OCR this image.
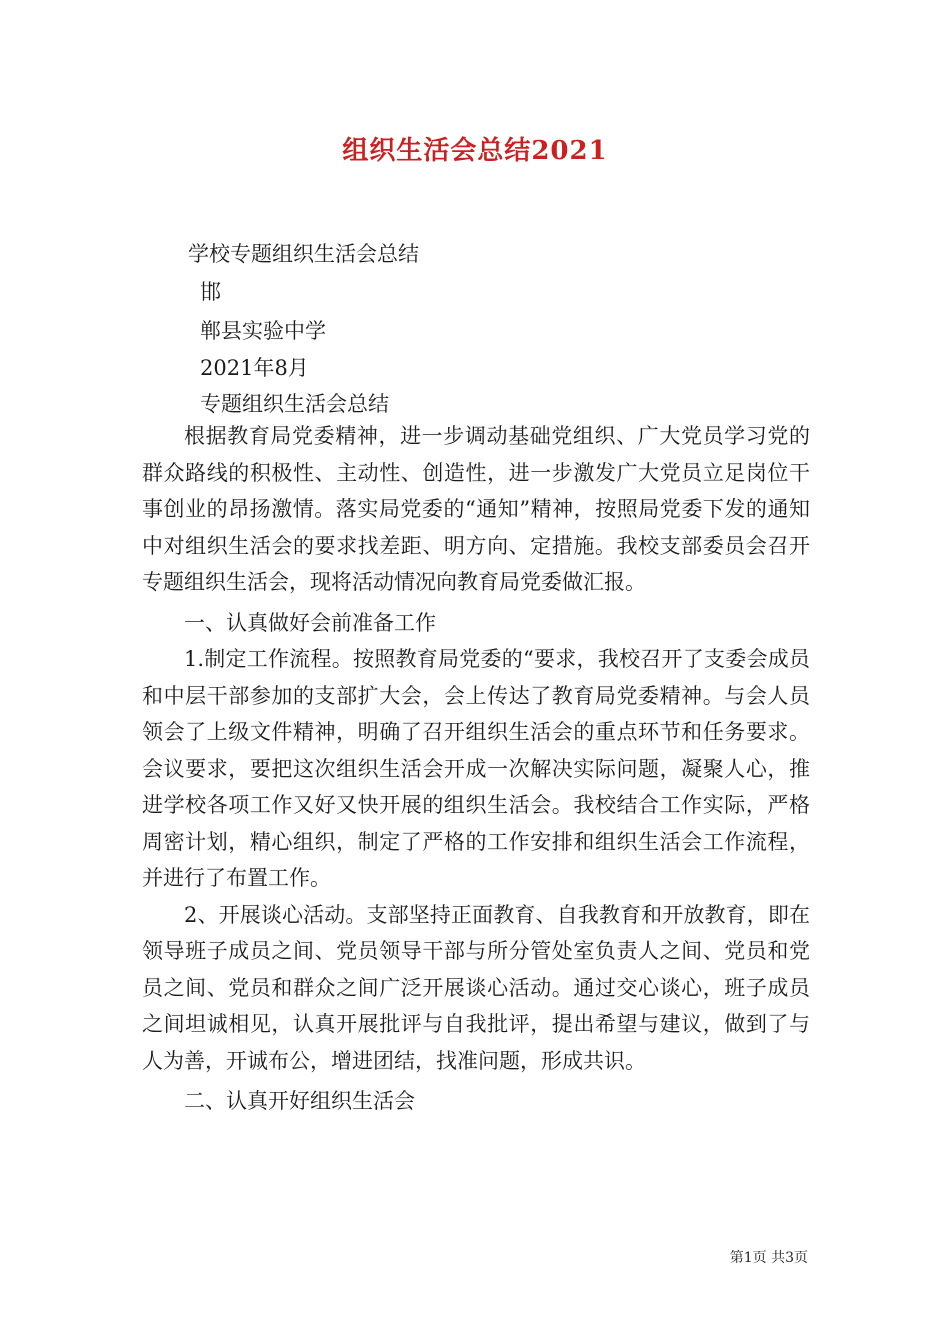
组织生活会总结2021
学校专题组织生活会总结
邯
郸县实验中学
2021年8月
专题组织生活会总结

根据教育局党委精神，进一步调动基础党组织、广大党员学习党的群众路线的积极性、主动性、创造性，进一步激发广大党员立足岗位干事创业的昂扬激情。落实局党委的“通知”精神，按照局党委下发的通知中对组织生活会的要求找差距、明方向、定措施。我校支部委员会召开专题组织生活会，现将活动情况向教育局党委做汇报。

一、认真做好会前准备工作

1.制定工作流程。按照教育局党委的“要求，我校召开了支委会成员和中层干部参加的支部扩大会，会上传达了教育局党委精神。与会人员领会了上级文件精神，明确了召开组织生活会的重点环节和任务要求。会议要求，要把这次组织生活会开成一次解决实际问题，凝聚人心，推进学校各项工作又好又快开展的组织生活会。我校结合工作实际，严格周密计划，精心组织，制定了严格的工作安排和组织生活会工作流程，并进行了布置工作。

2、开展谈心活动。支部坚持正面教育、自我教育和开放教育，即在领导班子成员之间、党员领导干部与所分管处室负责人之间、党员和党员之间、党员和群众之间广泛开展谈心活动。通过交心谈心，班子成员之间坦诚相见，认真开展批评与自我批评，提出希望与建议，做到了与人为善，开诚布公，增进团结，找准问题，形成共识。

二、认真开好组织生活会

第1页 共3页
